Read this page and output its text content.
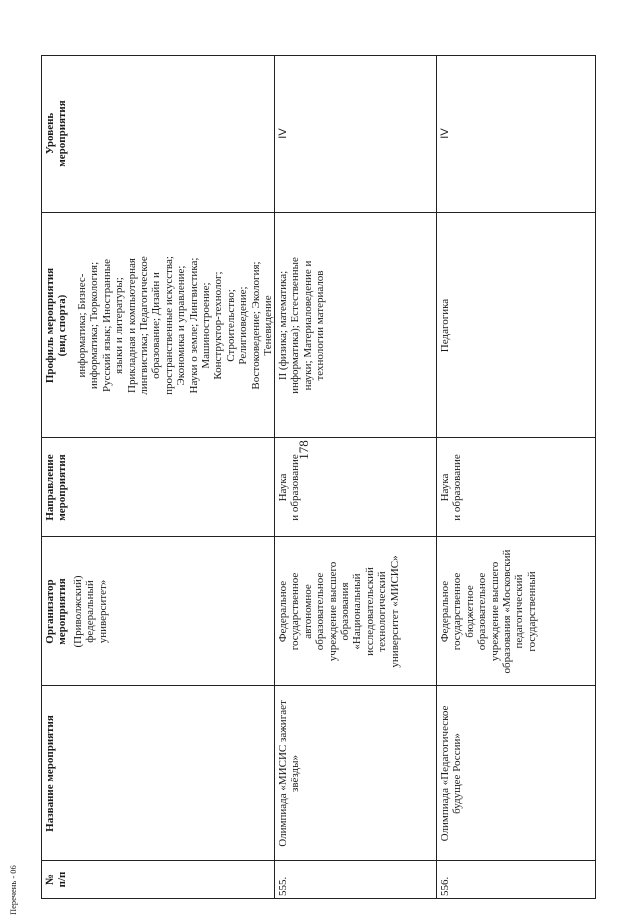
178
Перечень - 06 № п/п
Название мероприятия
Организатор мероприятия
Направление мероприятия
Профиль мероприятия (вид спорта)
Уровень мероприятия
(Приволжский) федеральный университет»
информатика; Бизнес- информатика; Тюркология; Русский язык; Иностранные языки и литературы; Прикладная и компьютерная лингвистика; Педагогическое образование; Дизайн и пространственные искусства; Экономика и управление; Науки о земле; Лингвистика; Машиностроение; Конструктор-технолог; Строительство; Религиоведение; Востоковедение; Экология; Теневидение
555.
Олимпиада «МИСИС зажигает звёзды»
Федеральное государственное автономное образовательное учреждение высшего образования «Национальный исследовательский технологический университет «МИСИС»
Наука и образование
II (физика; математика; информатика); Естественные науки; Материаловедение и технологии материалов
IV
556.
Олимпиада «Педагогическое будущее России»
Федеральное государственное бюджетное образовательное учреждение высшего образования «Московский педагогический государственный
Наука и образование
Педагогика
IV
